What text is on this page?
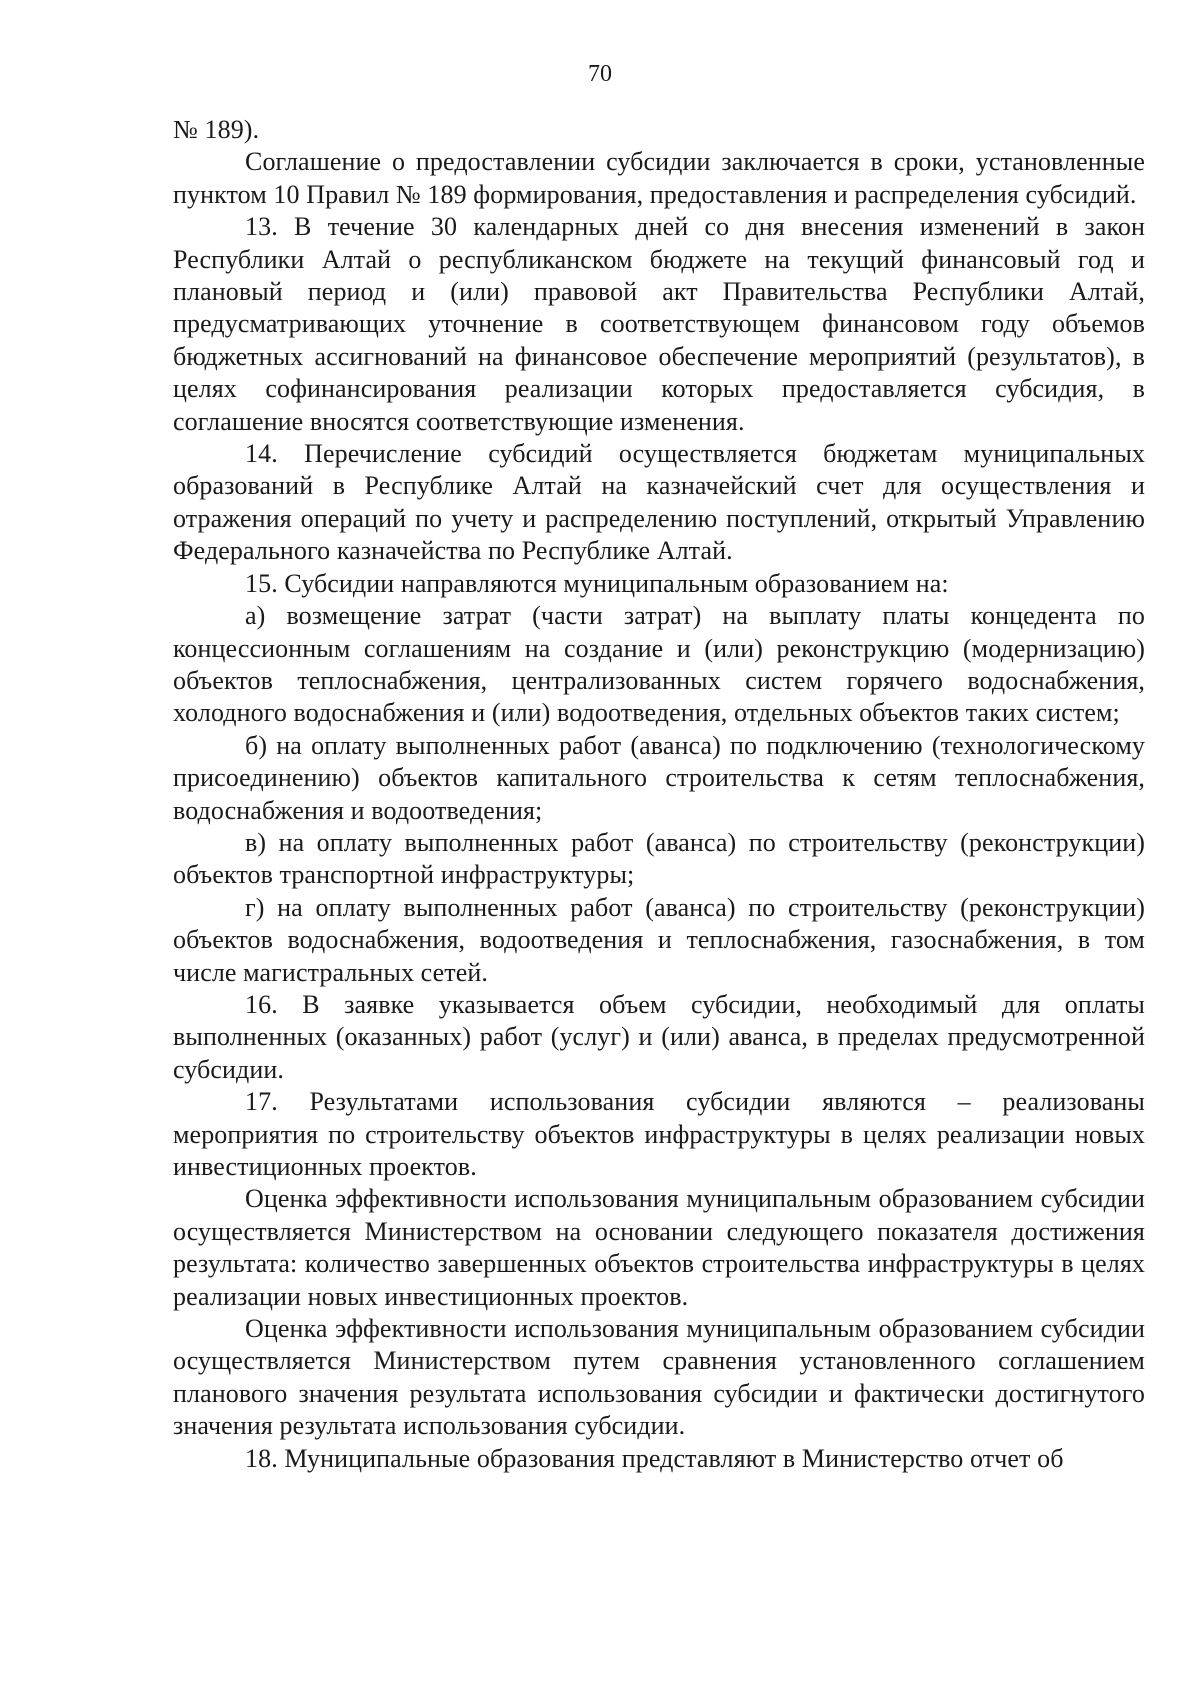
70

№ 189).

Соглашение о предоставлении субсидии заключается в сроки, установленные пунктом 10 Правил № 189 формирования, предоставления и распределения субсидий.

13. В течение 30 календарных дней со дня внесения изменений в закон Республики Алтай о республиканском бюджете на текущий финансовый год и плановый период и (или) правовой акт Правительства Республики Алтай, предусматривающих уточнение в соответствующем финансовом году объемов бюджетных ассигнований на финансовое обеспечение мероприятий (результатов), в целях софинансирования реализации которых предоставляется субсидия, в соглашение вносятся соответствующие изменения.

14. Перечисление субсидий осуществляется бюджетам муниципальных образований в Республике Алтай на казначейский счет для осуществления и отражения операций по учету и распределению поступлений, открытый Управлению Федерального казначейства по Республике Алтай.

15. Субсидии направляются муниципальным образованием на:

а) возмещение затрат (части затрат) на выплату платы концедента по концессионным соглашениям на создание и (или) реконструкцию (модернизацию) объектов теплоснабжения, централизованных систем горячего водоснабжения, холодного водоснабжения и (или) водоотведения, отдельных объектов таких систем;

б) на оплату выполненных работ (аванса) по подключению (технологическому присоединению) объектов капитального строительства к сетям теплоснабжения, водоснабжения и водоотведения;

в) на оплату выполненных работ (аванса) по строительству (реконструкции) объектов транспортной инфраструктуры;

г) на оплату выполненных работ (аванса) по строительству (реконструкции) объектов водоснабжения, водоотведения и теплоснабжения, газоснабжения, в том числе магистральных сетей.

16. В заявке указывается объем субсидии, необходимый для оплаты выполненных (оказанных) работ (услуг) и (или) аванса, в пределах предусмотренной субсидии.

17. Результатами использования субсидии являются – реализованы мероприятия по строительству объектов инфраструктуры в целях реализации новых инвестиционных проектов.

Оценка эффективности использования муниципальным образованием субсидии осуществляется Министерством на основании следующего показателя достижения результата: количество завершенных объектов строительства инфраструктуры в целях реализации новых инвестиционных проектов.

Оценка эффективности использования муниципальным образованием субсидии осуществляется Министерством путем сравнения установленного соглашением планового значения результата использования субсидии и фактически достигнутого значения результата использования субсидии.

18. Муниципальные образования представляют в Министерство отчет об
